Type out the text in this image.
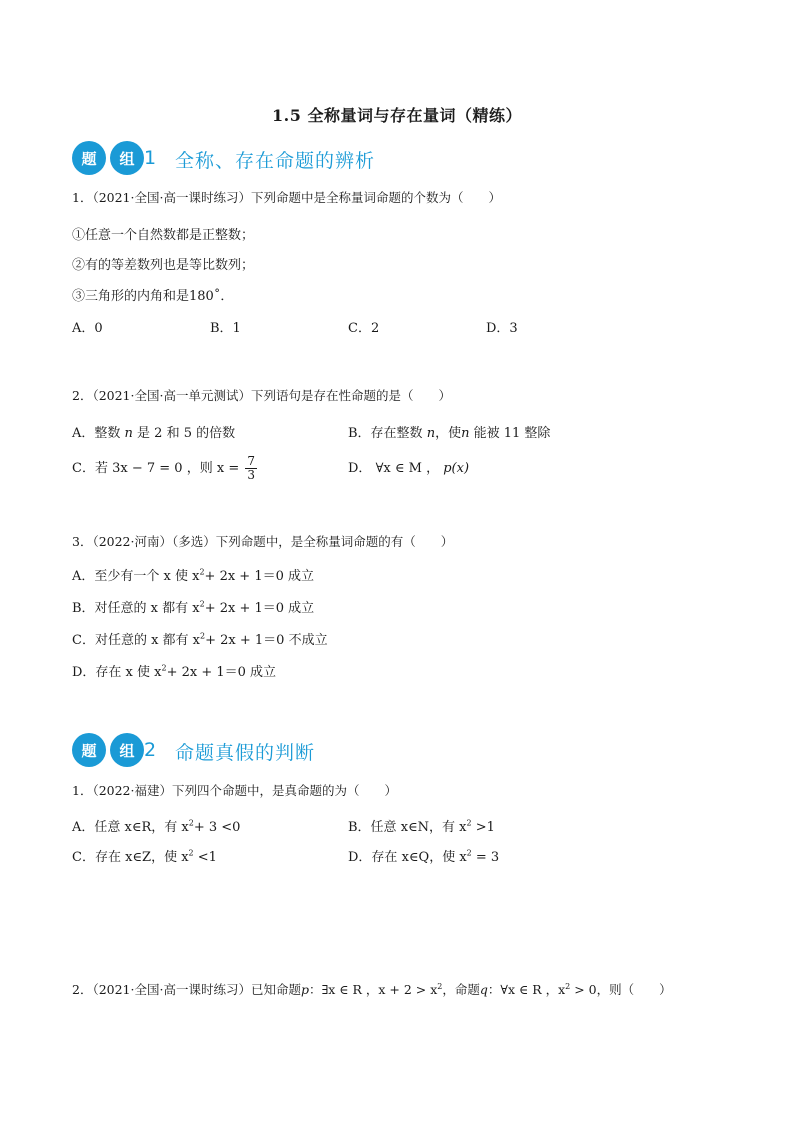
1.5 全称量词与存在量词（精练）
题	组 1 全称、存在命题的辨析
1．（2021·全国·高一课时练习）下列命题中是全称量词命题的个数为（　　）
①任意一个自然数都是正整数；
②有的等差数列也是等比数列；
③三角形的内角和是180˚．
A．0	B．1	C．2	D．3
2．（2021·全国·高一单元测试）下列语句是存在性命题的是（　　）
A．整数 n 是 2 和 5 的倍数	B．存在整数 n，使n 能被 11 整除
C．若 3x − 7 = 0 ，则 $x = \frac{7}{3}$	D． ∀x ∈ M ， p(x)
3．（2022·河南）（多选）下列命题中，是全称量词命题的有（　　）
A．至少有一个 x 使 $x^2+ 2x + 1=0$ 成立
B．对任意的 x 都有 $x^2+ 2x + 1=0$ 成立
C．对任意的 x 都有 $x^2+ 2x + 1=0$ 不成立
D．存在 x 使 $x^2+ 2x + 1=0$ 成立
题	组 2 命题真假的判断
1．（2022·福建）下列四个命题中，是真命题的为（　　）
A．任意 x∈R，有 $x^2+ 3 <0$	B．任意 x∈N，有 $x^2 >1$
C．存在 x∈Z，使 $x^2 <1$	D．存在 x∈Q，使 $x^2 = 3$
2．（2021·全国·高一课时练习）已知命题p：∃x ∈ R ，$x + 2 > x^2$，命题q：∀x ∈ R ，$x^2 > 0$，则（　　）
